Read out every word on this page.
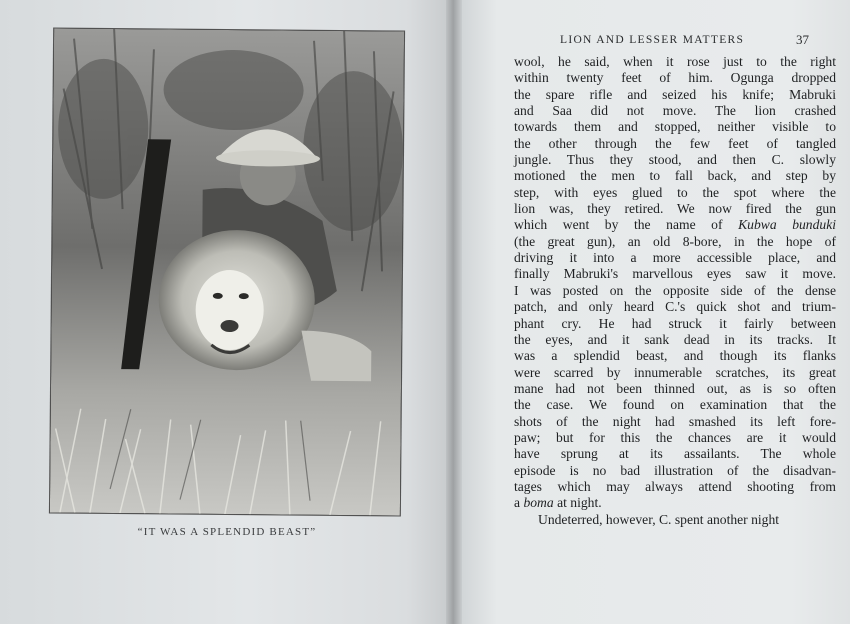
“IT WAS A SPLENDID BEAST”
LION AND LESSER MATTERS	37
wool, he said, when it rose just to the right
within twenty feet of him. Ogunga dropped
the spare rifle and seized his knife; Mabruki
and Saa did not move. The lion crashed
towards them and stopped, neither visible to
the other through the few feet of tangled
jungle. Thus they stood, and then C. slowly
motioned the men to fall back, and step by
step, with eyes glued to the spot where the
lion was, they retired. We now fired the gun
which went by the name of Kubwa bunduki
(the great gun), an old 8-bore, in the hope of
driving it into a more accessible place, and
finally Mabruki's marvellous eyes saw it move.
I was posted on the opposite side of the dense
patch, and only heard C.'s quick shot and trium-
phant cry. He had struck it fairly between
the eyes, and it sank dead in its tracks. It
was a splendid beast, and though its flanks
were scarred by innumerable scratches, its great
mane had not been thinned out, as is so often
the case. We found on examination that the
shots of the night had smashed its left fore-
paw; but for this the chances are it would
have sprung at its assailants. The whole
episode is no bad illustration of the disadvan-
tages which may always attend shooting from
a boma at night.
Undeterred, however, C. spent another night
